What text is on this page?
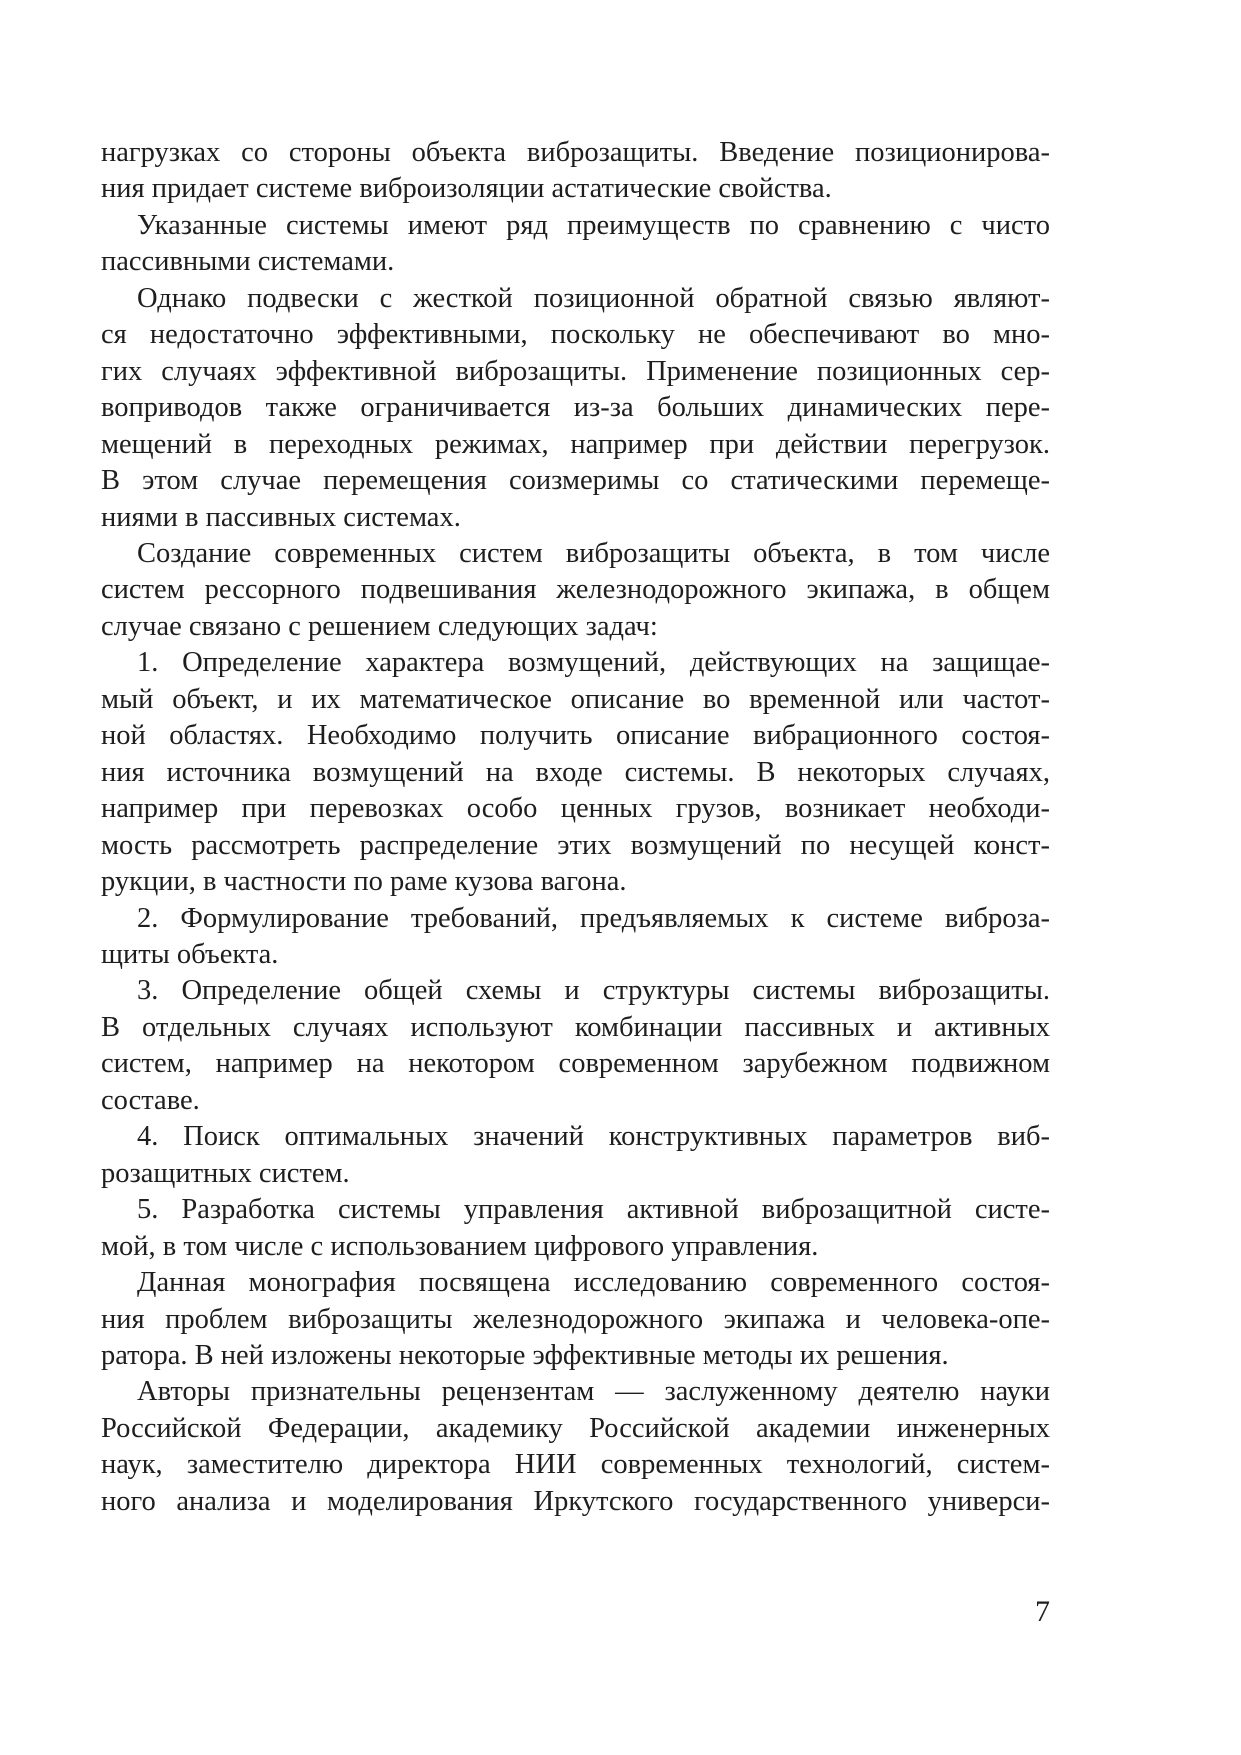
нагрузках со стороны объекта виброзащиты. Введение позиционирова-
ния придает системе виброизоляции астатические свойства.
Указанные системы имеют ряд преимуществ по сравнению с чисто
пассивными системами.
Однако подвески с жесткой позиционной обратной связью являют-
ся недостаточно эффективными, поскольку не обеспечивают во мно-
гих случаях эффективной виброзащиты. Применение позиционных сер-
воприводов также ограничивается из-за больших динамических пере-
мещений в переходных режимах, например при действии перегрузок.
В этом случае перемещения соизмеримы со статическими перемеще-
ниями в пассивных системах.
Создание современных систем виброзащиты объекта, в том числе
систем рессорного подвешивания железнодорожного экипажа, в общем
случае связано с решением следующих задач:
1. Определение характера возмущений, действующих на защищае-
мый объект, и их математическое описание во временной или частот-
ной областях. Необходимо получить описание вибрационного состоя-
ния источника возмущений на входе системы. В некоторых случаях,
например при перевозках особо ценных грузов, возникает необходи-
мость рассмотреть распределение этих возмущений по несущей конст-
рукции, в частности по раме кузова вагона.
2. Формулирование требований, предъявляемых к системе виброза-
щиты объекта.
3. Определение общей схемы и структуры системы виброзащиты.
В отдельных случаях используют комбинации пассивных и активных
систем, например на некотором современном зарубежном подвижном
составе.
4. Поиск оптимальных значений конструктивных параметров виб-
розащитных систем.
5. Разработка системы управления активной виброзащитной систе-
мой, в том числе с использованием цифрового управления.
Данная монография посвящена исследованию современного состоя-
ния проблем виброзащиты железнодорожного экипажа и человека-опе-
ратора. В ней изложены некоторые эффективные методы их решения.
Авторы признательны рецензентам — заслуженному деятелю науки
Российской Федерации, академику Российской академии инженерных
наук, заместителю директора НИИ современных технологий, систем-
ного анализа и моделирования Иркутского государственного универси-
7
